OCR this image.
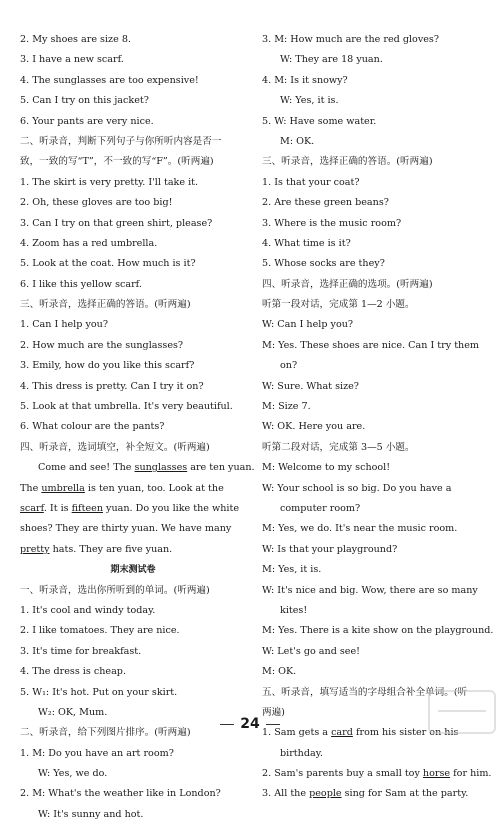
2. My shoes are size 8.
3. I have a new scarf.
4. The sunglasses are too expensive!
5. Can I try on this jacket?
6. Your pants are very nice.
二、听录音，判断下列句子与你所听内容是否一
致，一致的写“T”，不一致的写“F”。(听两遍)
1. The skirt is very pretty. I'll take it.
2. Oh, these gloves are too big!
3. Can I try on that green shirt, please?
4. Zoom has a red umbrella.
5. Look at the coat. How much is it?
6. I like this yellow scarf.
三、听录音，选择正确的答语。(听两遍)
1. Can I help you?
2. How much are the sunglasses?
3. Emily, how do you like this scarf?
4. This dress is pretty. Can I try it on?
5. Look at that umbrella. It's very beautiful.
6. What colour are the pants?
四、听录音，选词填空，补全短文。(听两遍)
Come and see! The sunglasses are ten yuan.
The umbrella is ten yuan, too. Look at the
scarf. It is fifteen yuan. Do you like the white
shoes? They are thirty yuan. We have many
pretty hats. They are five yuan.
期末测试卷
一、听录音，选出你所听到的单词。(听两遍)
1. It's cool and windy today.
2. I like tomatoes. They are nice.
3. It's time for breakfast.
4. The dress is cheap.
5. W₁: It's hot. Put on your skirt.
W₂: OK, Mum.
二、听录音，给下列图片排序。(听两遍)
1. M: Do you have an art room?
W: Yes, we do.
2. M: What's the weather like in London?
W: It's sunny and hot.
3. M: How much are the red gloves?
W: They are 18 yuan.
4. M: Is it snowy?
W: Yes, it is.
5. W: Have some water.
M: OK.
三、听录音，选择正确的答语。(听两遍)
1. Is that your coat?
2. Are these green beans?
3. Where is the music room?
4. What time is it?
5. Whose socks are they?
四、听录音，选择正确的选项。(听两遍)
听第一段对话，完成第 1—2 小题。
W: Can I help you?
M: Yes. These shoes are nice. Can I try them
on?
W: Sure. What size?
M: Size 7.
W: OK. Here you are.
听第二段对话，完成第 3—5 小题。
M: Welcome to my school!
W: Your school is so big. Do you have a
computer room?
M: Yes, we do. It's near the music room.
W: Is that your playground?
M: Yes, it is.
W: It's nice and big. Wow, there are so many
kites!
M: Yes. There is a kite show on the playground.
W: Let's go and see!
M: OK.
五、听录音，填写适当的字母组合补全单词。(听
两遍)
1. Sam gets a card from his sister on his
birthday.
2. Sam's parents buy a small toy horse for him.
3. All the people sing for Sam at the party.
24
